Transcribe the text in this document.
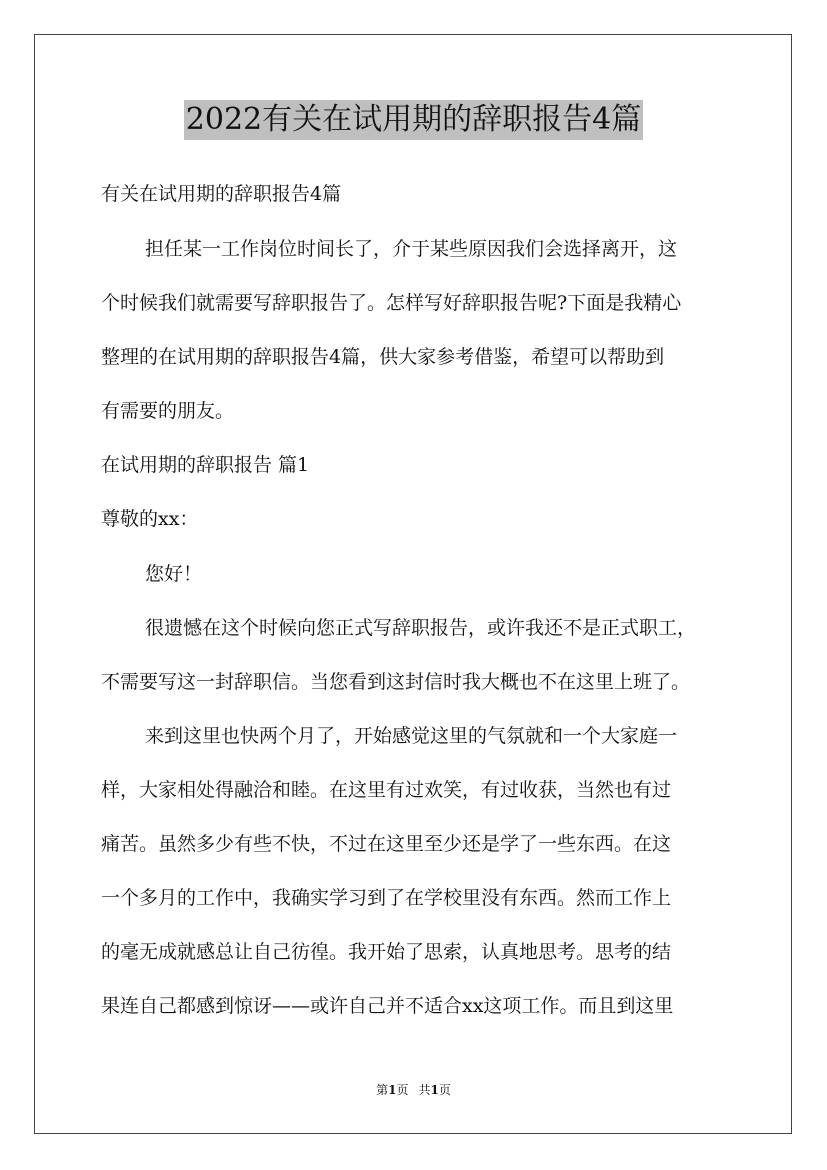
2022有关在试用期的辞职报告4篇
有关在试用期的辞职报告4篇
担任某一工作岗位时间长了，介于某些原因我们会选择离开，这
个时候我们就需要写辞职报告了。怎样写好辞职报告呢?下面是我精心
整理的在试用期的辞职报告4篇，供大家参考借鉴，希望可以帮助到
有需要的朋友。
在试用期的辞职报告 篇1
尊敬的xx：
您好！
很遗憾在这个时候向您正式写辞职报告，或许我还不是正式职工，
不需要写这一封辞职信。当您看到这封信时我大概也不在这里上班了。
来到这里也快两个月了，开始感觉这里的气氛就和一个大家庭一
样，大家相处得融洽和睦。在这里有过欢笑，有过收获，当然也有过
痛苦。虽然多少有些不快，不过在这里至少还是学了一些东西。在这
一个多月的工作中，我确实学习到了在学校里没有东西。然而工作上
的毫无成就感总让自己彷徨。我开始了思索，认真地思考。思考的结
果连自己都感到惊讶——或许自己并不适合xx这项工作。而且到这里
第1页 共1页
